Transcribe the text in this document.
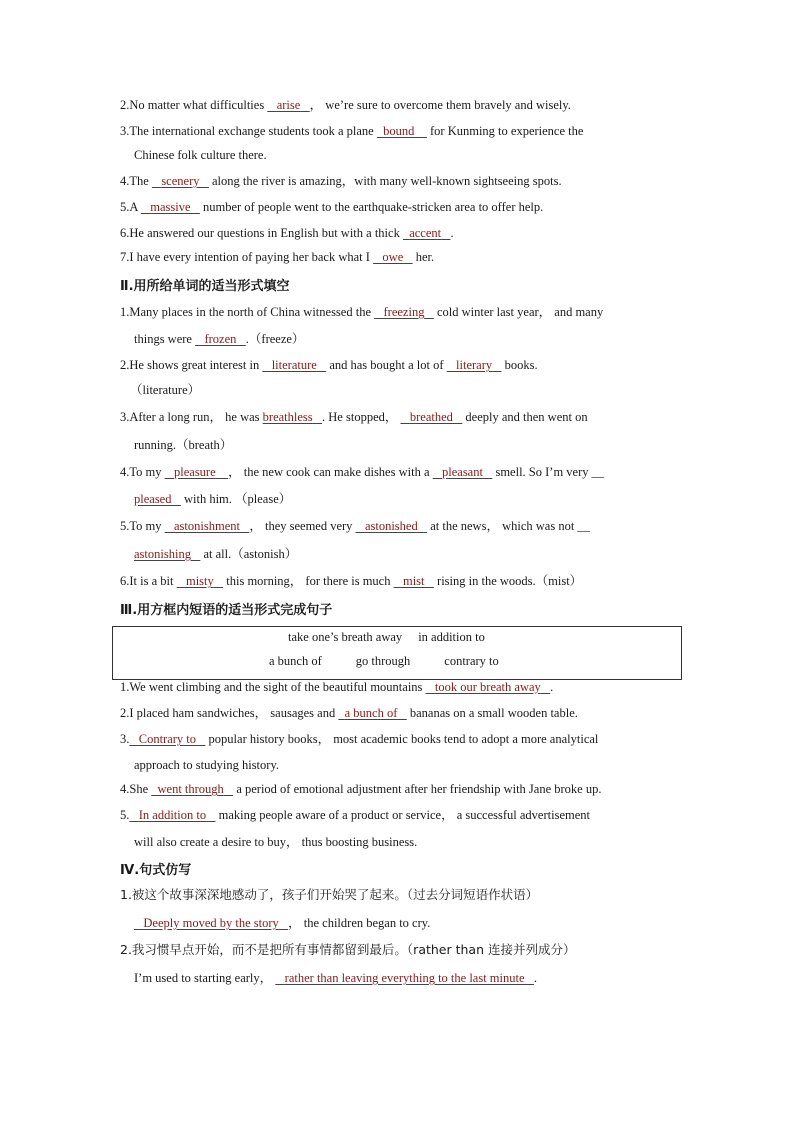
2.No matter what difficulties    arise ， we’re sure to overcome them bravely and wisely.
3.The international exchange students took a plane   bound     for Kunming to experience the
Chinese folk culture there.
4.The    scenery    along the river is amazing，with many well-known sightseeing spots.
5.A    massive    number of people went to the earthquake-stricken area to offer help.
6.He answered our questions in English but with a thick   accent .
7.I have every intention of paying her back what I    owe    her.
Ⅱ.用所给单词的适当形式填空
1.Many places in the north of China witnessed the    freezing    cold winter last year， and many
things were    frozen .（freeze）
2.He shows great interest in    literature    and has bought a lot of    literary    books.
（literature）
3.After a long run， he was breathless . He stopped，    breathed    deeply and then went on
running.（breath）
4.To my    pleasure ， the new cook can make dishes with a    pleasant    smell. So I’m very __
pleased    with him. （please）
5.To my    astonishment ， they seemed very    astonished    at the news， which was not __
astonishing    at all.（astonish）
6.It is a bit    misty    this morning， for there is much    mist    rising in the woods.（mist）
Ⅲ.用方框内短语的适当形式完成句子
take one’s breath away in addition to
a bunch of	go through	contrary to
1.We went climbing and the sight of the beautiful mountains    took our breath away .
2.I placed ham sandwiches， sausages and   a bunch of    bananas on a small wooden table.
3. Contrary to    popular history books， most academic books tend to adopt a more analytical
approach to studying history.
4.She   went through    a period of emotional adjustment after her friendship with Jane broke up.
5. In addition to    making people aware of a product or service， a successful advertisement
will also create a desire to buy， thus boosting business.
Ⅳ.句式仿写
1.被这个故事深深地感动了，孩子们开始哭了起来。（过去分词短语作状语）
Deeply moved by the story ， the children began to cry.
2.我习惯早点开始，而不是把所有事情都留到最后。（rather than 连接并列成分）
I’m used to starting early，    rather than leaving everything to the last minute .
